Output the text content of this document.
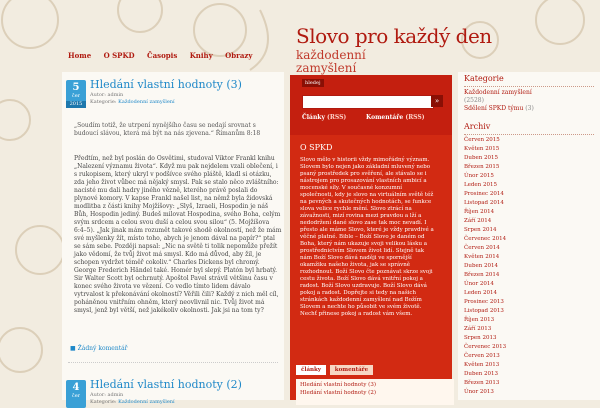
Slovo pro každý den
každodenní zamyšlení
Home O SPKD Časopis Knihy Obrazy
5
čer
2015
Hledání vlastní hodnoty (3)
Autor: admin
Kategorie: Každodenní zamyšlení
„Soudím totiž, že utrpení nynějšího času se nedají srovnat s budoucí slávou, která má být na nás zjevena.“ Římanům 8:18
Předtím, než byl poslán do Osvětimi, studoval Viktor Frankl knihu „Nalezení významu života“. Když mu pak nejdelem vzali oblečení, i s rukopisem, který ukryl v podšívce svého pláště, kladl si otázku, zda jeho život vůbec má nějaký smysl. Pak se stalo něco zvláštního: nacisté mu dali hadry jiného vězně, kterého právě poslali do plynové komory. V kapse Frankl našel list, na němž byla židovská modlitba z části knihy Mojžíšovy: „Slyš, Izraeli, Hospodin je náš Bůh, Hospodin jediný. Budeš milovat Hospodina, svého Boha, celým svým srdcem a celou svou duší a celou svou silou“ (5. Mojžíšova 6:4–5). „Jak jinak mám rozumět takové shodě okolností, než že mám své myšlenky žít, místo toho, abych je jenom dával na papír?“ ptal se sám sebe. Později napsal: „Nic na světě ti tolik nepomůže přežít jako vědomí, že tvůj život má smysl. Kdo má důvod, aby žil, je schopen vydržet téměř cokoliv.“ Charles Dickens byl chromý. George Frederich Händel také. Homér byl slepý. Platón byl hrbatý. Sir Walter Scott byl ochrnutý. Apoštol Pavel strávil většinu času v konec svého života ve vězení. Co vedlo tímto lidem dávalo vytrvalost k překonávání okolností? Věřili čili? Každý z nich měl cíl, poháněnou vnitřním ohněm, který neovlivnil nic. Tvůj život má smysl, jenž byl větší, než jakékoliv okolnosti. Jak jsi na tom ty?
■ Žádný komentář
4
čer
Hledání vlastní hodnoty (2)
Autor: admin
Kategorie: Každodenní zamyšlení
hledej
»
Články (RSS)	Komentáře (RSS)
O SPKD
Slovo mělo v historii vždy mimořádný význam. Slovem bylo nejen jako základní mluvený nebo psaný prostředek pro svěření, ale stávalo se i nástrojem pro prosazování vlastních ambicí a mocenské síly. V současné konzumní společnosti, kdy je slovo na virtuálním světě též na pevných a skutečných hodnotách, se funkce slova velice rychle mění. Slovo ztrácí na závažnosti, mizí rovina mezi pravdou a lží a nedodržení dané slovo zase tak moc nevadí. I přesto ale máme Slovo, které je vždy pravdivé a věčné platné. Bible – Boží Slovo je daném od Boha, který nám ukazuje svoji velikou lásku a prostřednictvím Slovem život lidí. Stejně tak nám Boží Slovo dává naději ve spornější okamžiku našeho života, jak se správně rozhodnout. Boží Slovo čte poznávat skrze svoji cestu života. Boží Slovo dává vnitřní pokoj a radost. Boží Slovo uzdravuje. Boží Slovo dává pokoj a radost. Dopřejte si tedy na našich stránkách každodenní zamyšlení nad Božím Slovem a nechte ho působit ve svém životě. Nechť přinese pokoj a radost vám všem.
články	komentáře
Hledání vlastní hodnoty (3)
Hledání vlastní hodnoty (2)
Kategorie
Každodenní zamyšlení
(2528)
Sdělení SPKD týmu (3)
Archiv
Červen 2015
Květen 2015
Duben 2015
Březen 2015
Únor 2015
Leden 2015
Prosinec 2014
Listopad 2014
Říjen 2014
Září 2014
Srpen 2014
Červenec 2014
Červen 2014
Květen 2014
Duben 2014
Březen 2014
Únor 2014
Leden 2014
Prosinec 2013
Listopad 2013
Říjen 2013
Září 2013
Srpen 2013
Červenec 2013
Červen 2013
Květen 2013
Duben 2013
Březen 2013
Únor 2013
